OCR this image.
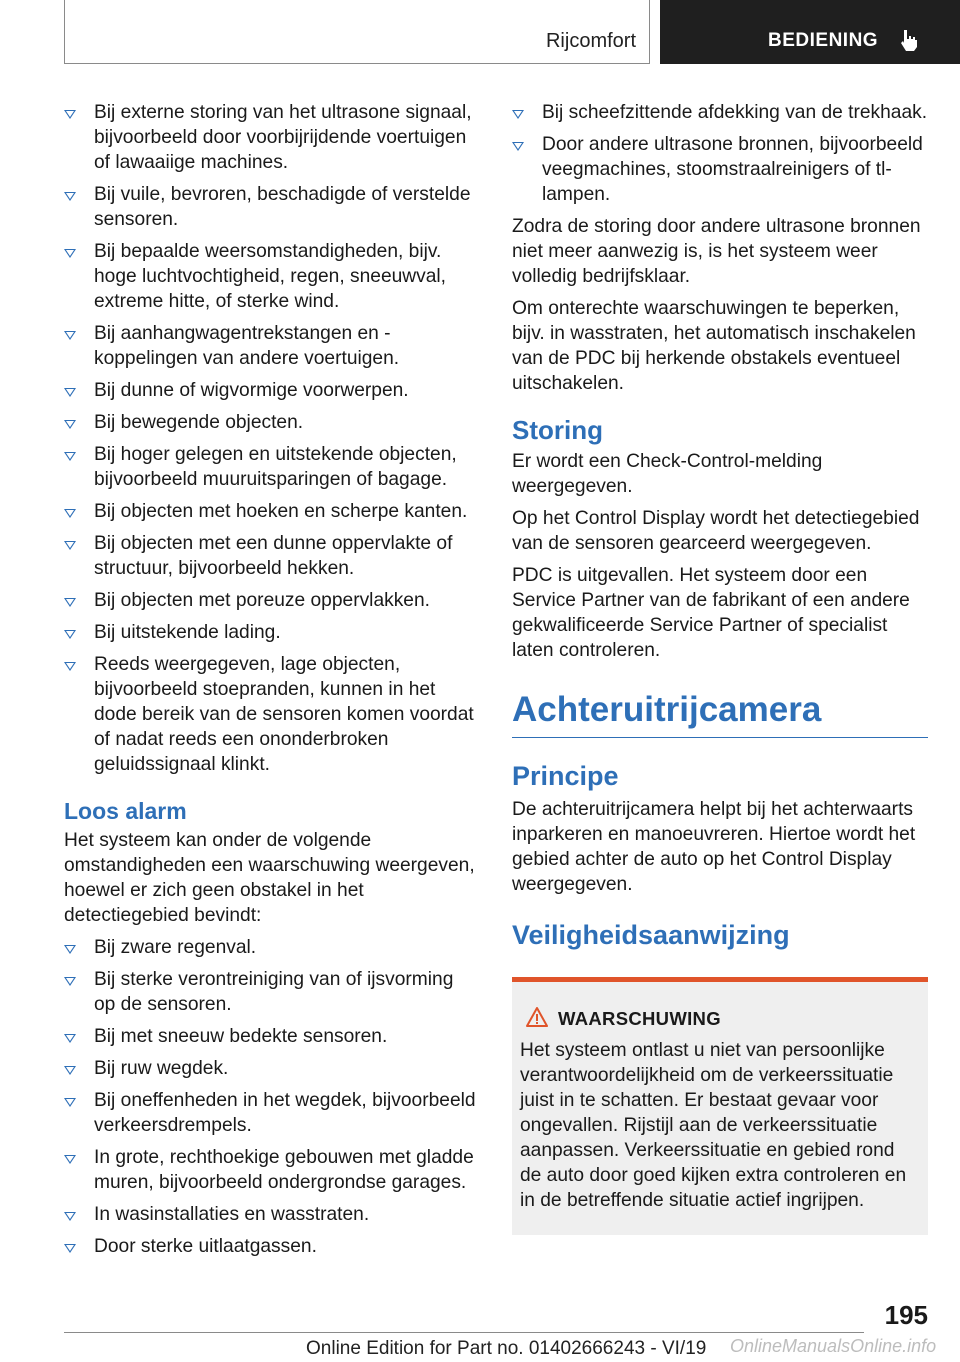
Rijcomfort	BEDIENING
Bij externe storing van het ultrasone signaal, bijvoorbeeld door voorbijrijdende voertuigen of lawaaiige machines.
Bij vuile, bevroren, beschadigde of verstelde sensoren.
Bij bepaalde weersomstandigheden, bijv. hoge luchtvochtigheid, regen, sneeuwval, extreme hitte, of sterke wind.
Bij aanhangwagentrekstangen en -koppelingen van andere voertuigen.
Bij dunne of wigvormige voorwerpen.
Bij bewegende objecten.
Bij hoger gelegen en uitstekende objecten, bijvoorbeeld muuruitsparingen of bagage.
Bij objecten met hoeken en scherpe kanten.
Bij objecten met een dunne oppervlakte of structuur, bijvoorbeeld hekken.
Bij objecten met poreuze oppervlakken.
Bij uitstekende lading.
Reeds weergegeven, lage objecten, bijvoorbeeld stoepranden, kunnen in het dode bereik van de sensoren komen voordat of nadat reeds een ononderbroken geluidssignaal klinkt.
Loos alarm

Het systeem kan onder de volgende omstandigheden een waarschuwing weergeven, hoewel er zich geen obstakel in het detectiegebied bevindt:

Bij zware regenval.
Bij sterke verontreiniging van of ijsvorming op de sensoren.
Bij met sneeuw bedekte sensoren.
Bij ruw wegdek.
Bij oneffenheden in het wegdek, bijvoorbeeld verkeersdrempels.
In grote, rechthoekige gebouwen met gladde muren, bijvoorbeeld ondergrondse garages.
In wasinstallaties en wasstraten.
Door sterke uitlaatgassen.
Bij scheefzittende afdekking van de trekhaak.
Door andere ultrasone bronnen, bijvoorbeeld veegmachines, stoomstraalreinigers of tl-lampen.

Zodra de storing door andere ultrasone bronnen niet meer aanwezig is, is het systeem weer volledig bedrijfsklaar.

Om onterechte waarschuwingen te beperken, bijv. in wasstraten, het automatisch inschakelen van de PDC bij herkende obstakels eventueel uitschakelen.

Storing

Er wordt een Check-Control-melding weergegeven.

Op het Control Display wordt het detectiegebied van de sensoren gearceerd weergegeven.

PDC is uitgevallen. Het systeem door een Service Partner van de fabrikant of een andere gekwalificeerde Service Partner of specialist laten controleren.

Achteruitrijcamera
Principe

De achteruitrijcamera helpt bij het achterwaarts inparkeren en manoeuvreren. Hiertoe wordt het gebied achter de auto op het Control Display weergegeven.

Veiligheidsaanwijzing
WAARSCHUWING
Het systeem ontlast u niet van persoonlijke verantwoordelijkheid om de verkeerssituatie juist in te schatten. Er bestaat gevaar voor ongevallen. Rijstijl aan de verkeerssituatie aanpassen. Verkeerssituatie en gebied rond de auto door goed kijken extra controleren en in de betreffende situatie actief ingrijpen.
195
Online Edition for Part no. 01402666243 - VI/19 OnlineManualsOnline.info
